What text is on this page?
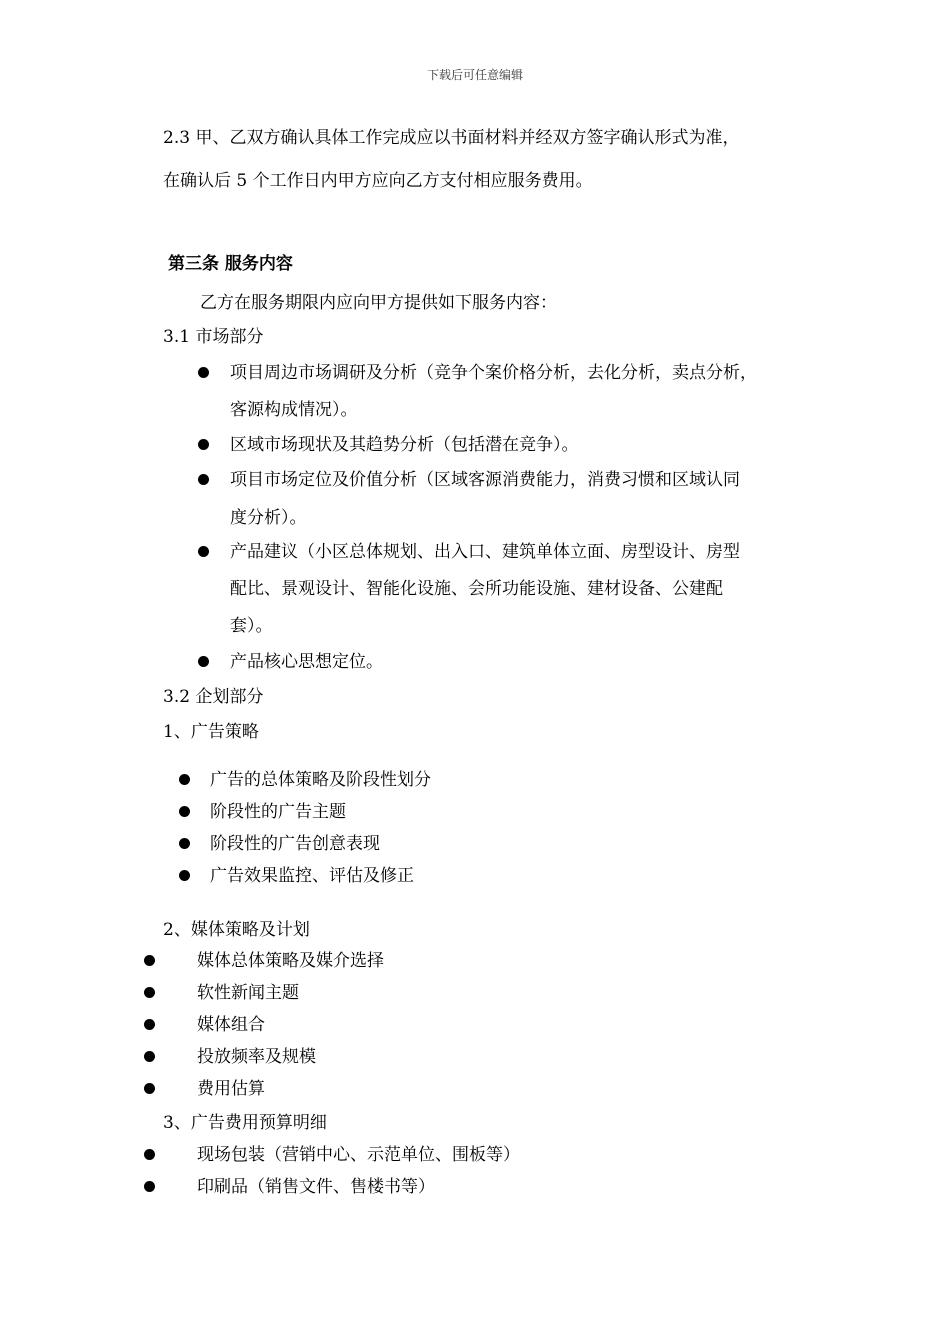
下载后可任意编辑
2.3 甲、乙双方确认具体工作完成应以书面材料并经双方签字确认形式为准，
在确认后 5 个工作日内甲方应向乙方支付相应服务费用。
第三条 服务内容
乙方在服务期限内应向甲方提供如下服务内容：
3.1 市场部分
项目周边市场调研及分析（竞争个案价格分析，去化分析，卖点分析，
客源构成情况）。
区域市场现状及其趋势分析（包括潜在竞争）。
项目市场定位及价值分析（区域客源消费能力，消费习惯和区域认同
度分析）。
产品建议（小区总体规划、出入口、建筑单体立面、房型设计、房型
配比、景观设计、智能化设施、会所功能设施、建材设备、公建配
套）。
产品核心思想定位。
3.2 企划部分
1、广告策略
广告的总体策略及阶段性划分
阶段性的广告主题
阶段性的广告创意表现
广告效果监控、评估及修正
2、媒体策略及计划
媒体总体策略及媒介选择
软性新闻主题
媒体组合
投放频率及规模
费用估算
3、广告费用预算明细
现场包装（营销中心、示范单位、围板等）
印刷品（销售文件、售楼书等）
